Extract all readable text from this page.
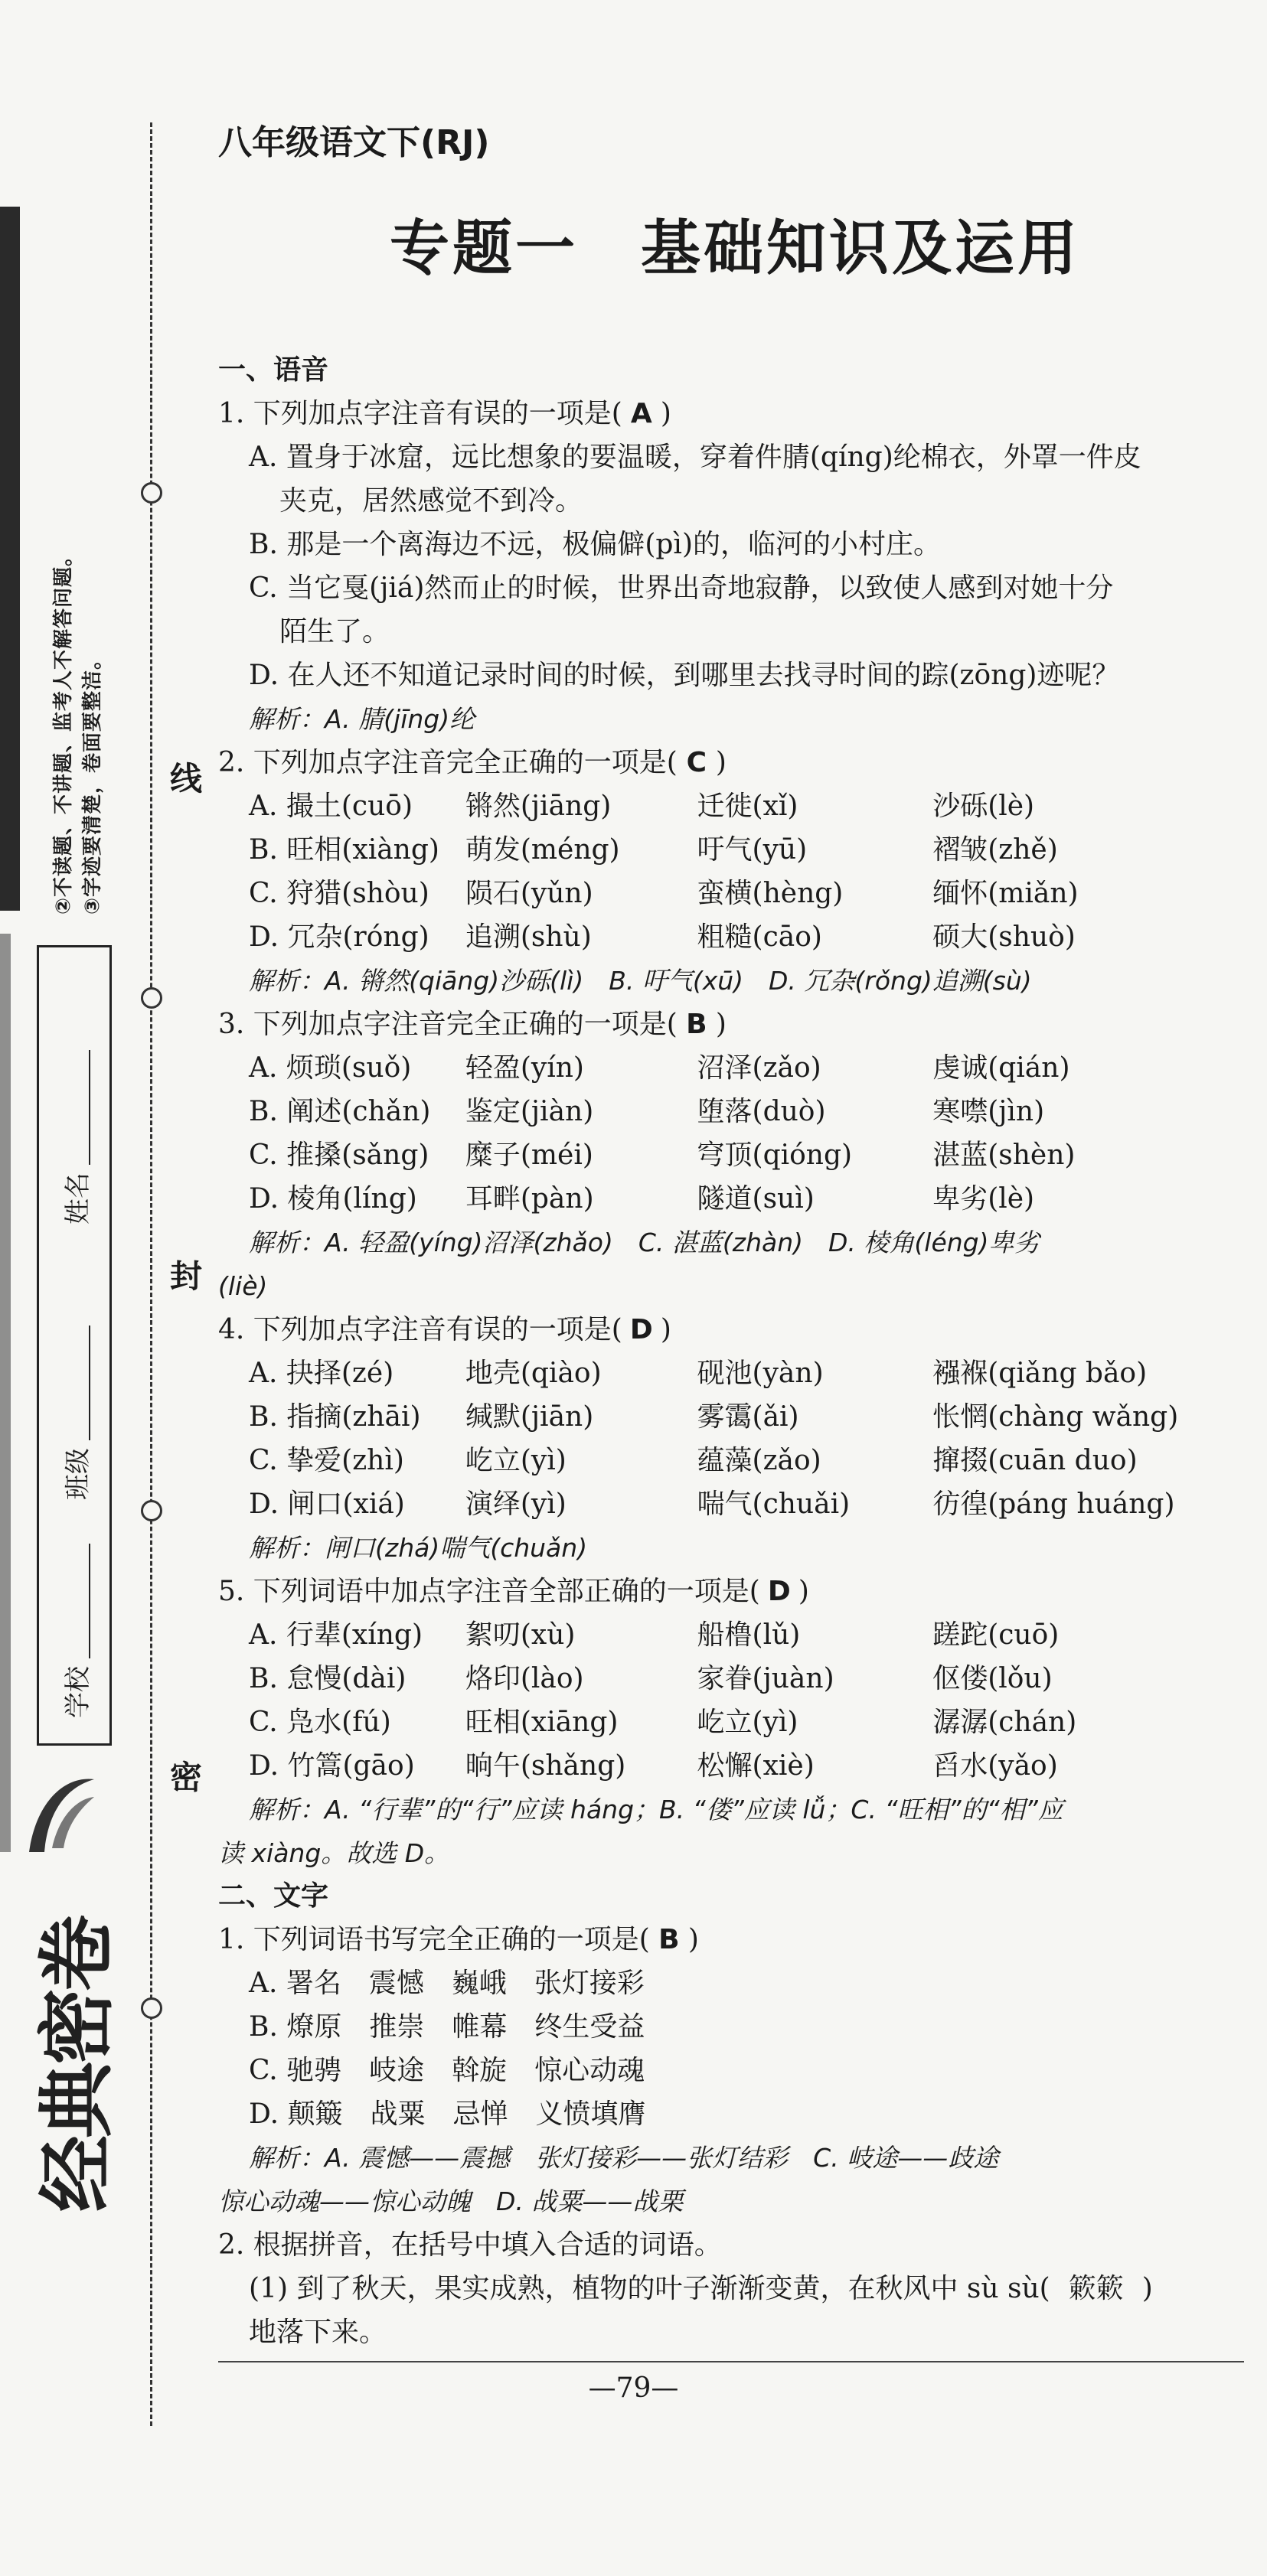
②不读题、不讲题、监考人不解答问题。 ③字迹要清楚，卷面要整洁。
学校
班级
姓名
经典密卷
线
封
密
八年级语文下(RJ)
专题一　基础知识及运用
一、语音
1. 下列加点字注音有误的一项是( A )
A. 置身于冰窟，远比想象的要温暖，穿着件腈(qíng)纶棉衣，外罩一件皮
夹克，居然感觉不到冷。
B. 那是一个离海边不远，极偏僻(pì)的，临河的小村庄。
C. 当它戛(jiá)然而止的时候，世界出奇地寂静，以致使人感到对她十分
陌生了。
D. 在人还不知道记录时间的时候，到哪里去找寻时间的踪(zōng)迹呢？
解析：A. 腈(jīng)纶
2. 下列加点字注音完全正确的一项是( C )
A. 撮土(cuō)	锵然(jiāng)	迁徙(xǐ)	沙砾(lè)
B. 旺相(xiàng) 萌发(méng)	吁气(yū)	褶皱(zhě)
C. 狩猎(shòu)	陨石(yǔn)	蛮横(hèng)	缅怀(miǎn)
D. 冗杂(róng)	追溯(shù)	粗糙(cāo)	硕大(shuò)
解析：A. 锵然(qiāng)沙砾(lì)　B. 吁气(xū)　D. 冗杂(rǒng)追溯(sù)
3. 下列加点字注音完全正确的一项是( B )
A. 烦琐(suǒ)	轻盈(yín)	沼泽(zǎo)	虔诚(qián)
B. 阐述(chǎn)	鉴定(jiàn)	堕落(duò)	寒噤(jìn)
C. 推搡(sǎng)	糜子(méi)	穹顶(qióng)	湛蓝(shèn)
D. 棱角(líng)	耳畔(pàn)	隧道(suì)	卑劣(lè)
解析：A. 轻盈(yíng)沼泽(zhǎo)　C. 湛蓝(zhàn)　D. 棱角(léng)卑劣
(liè)
4. 下列加点字注音有误的一项是( D )
A. 抉择(zé)	地壳(qiào)	砚池(yàn)	襁褓(qiǎng bǎo)
B. 指摘(zhāi)	缄默(jiān)	雾霭(ǎi)	怅惘(chàng wǎng)
C. 挚爱(zhì)	屹立(yì)	蕴藻(zǎo)	撺掇(cuān duo)
D. 闸口(xiá)	演绎(yì)	喘气(chuǎi)	彷徨(páng huáng)
解析：闸口(zhá)喘气(chuǎn)
5. 下列词语中加点字注音全部正确的一项是( D )
A. 行辈(xíng)	絮叨(xù)	船橹(lǔ)	蹉跎(cuō)
B. 怠慢(dài)	烙印(lào)	家眷(juàn)	伛偻(lǒu)
C. 凫水(fú)	旺相(xiāng)	屹立(yì)	潺潺(chán)
D. 竹篙(gāo)	晌午(shǎng)	松懈(xiè)	舀水(yǎo)
解析：A. “行辈”的“行”应读 háng；B. “偻”应读 lǚ；C. “旺相”的“相”应
读 xiàng。故选 D。
二、文字
1. 下列词语书写完全正确的一项是( B )
A. 署名　震憾　巍峨　张灯接彩
B. 燎原　推崇　帷幕　终生受益
C. 驰骋　岐途　斡旋　惊心动魂
D. 颠簸　战粟　忌惮　义愤填膺
解析：A. 震憾——震撼　张灯接彩——张灯结彩　C. 岐途——歧途
惊心动魂——惊心动魄　D. 战粟——战栗
2. 根据拼音，在括号中填入合适的词语。
(1) 到了秋天，果实成熟，植物的叶子渐渐变黄，在秋风中 sù sù( 簌簌 )
地落下来。
—79—
